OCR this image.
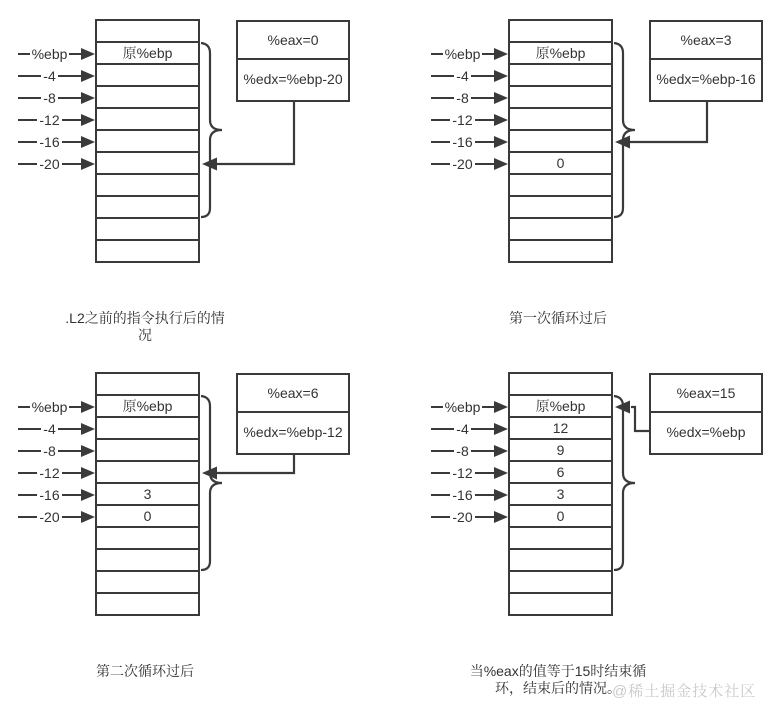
%ebp
-4
-8
-12
-16
-20
原%ebp
%eax=0
%edx=%ebp-20
.L2之前的指令执行后的情
况
%ebp
-4
-8
-12
-16
-20
原%ebp
0
%eax=3
%edx=%ebp-16
第一次循环过后
%ebp
-4
-8
-12
-16
-20
原%ebp
3
0
%eax=6
%edx=%ebp-12
第二次循环过后
%ebp
-4
-8
-12
-16
-20
原%ebp
12
9
6
3
0
%eax=15
%edx=%ebp
当%eax的值等于15时结束循
环，结束后的情况。
@稀土掘金技术社区
